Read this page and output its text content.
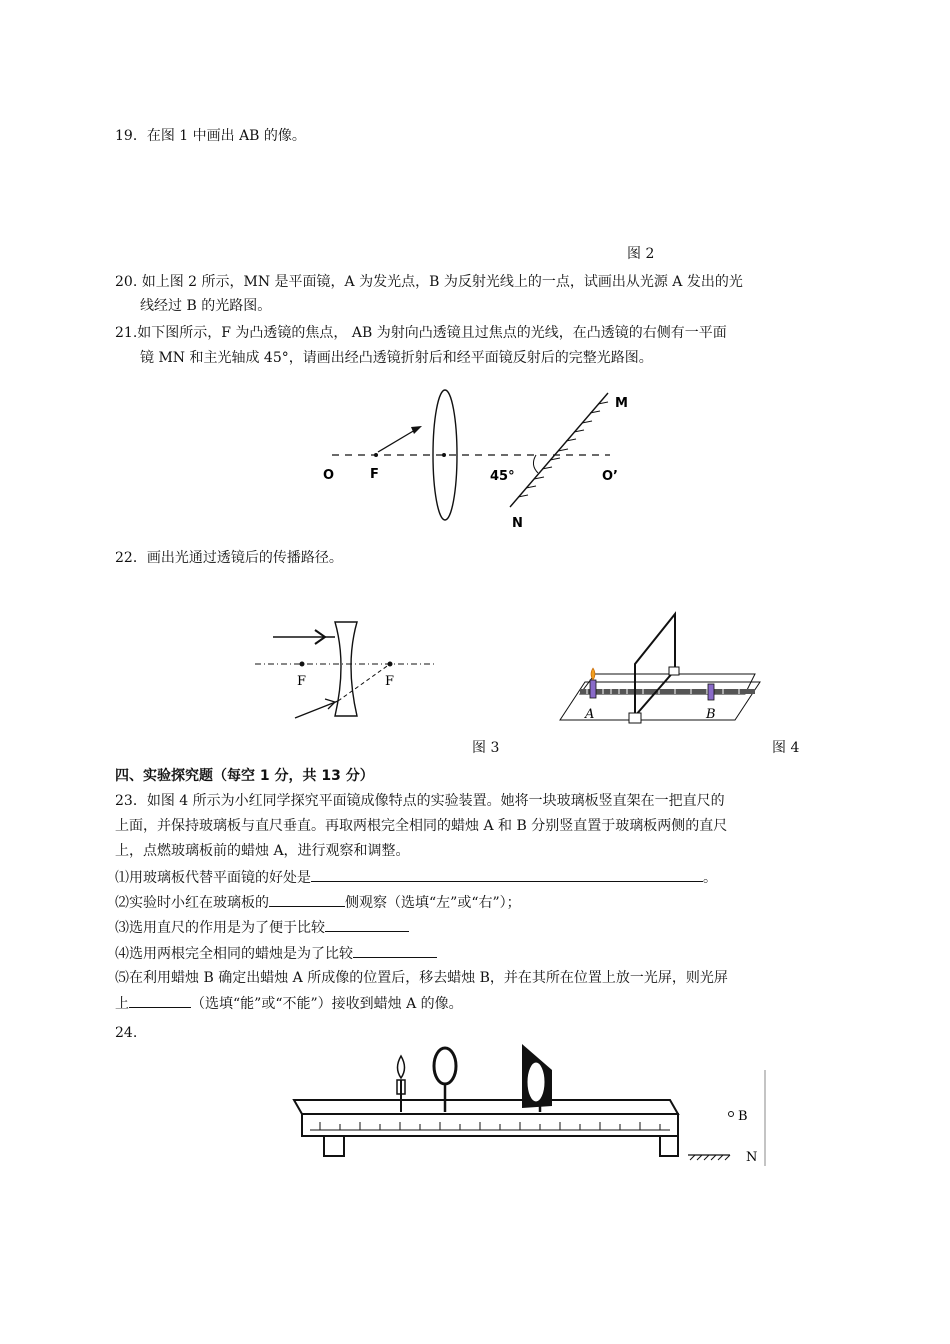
19．在图 1 中画出 AB 的像。
图 2
20. 如上图 2 所示，MN 是平面镜，A 为发光点，B 为反射光线上的一点，试画出从光源 A 发出的光
线经过 B 的光路图。
21.如下图所示，F 为凸透镜的焦点， AB 为射向凸透镜且过焦点的光线，在凸透镜的右侧有一平面
镜 MN 和主光轴成 45°，请画出经凸透镜折射后和经平面镜反射后的完整光路图。
O	F	45°	O’
M
N
22．画出光通过透镜后的传播路径。
F	F
A	B
图 3	图 4
四、实验探究题（每空 1 分，共 13 分）
23．如图 4 所示为小红同学探究平面镜成像特点的实验装置。她将一块玻璃板竖直架在一把直尺的
上面，并保持玻璃板与直尺垂直。再取两根完全相同的蜡烛 A 和 B 分别竖直置于玻璃板两侧的直尺
上，点燃玻璃板前的蜡烛 A，进行观察和调整。
⑴用玻璃板代替平面镜的好处是	。
⑵实验时小红在玻璃板的	侧观察（选填“左”或“右”）；
⑶选用直尺的作用是为了便于比较
⑷选用两根完全相同的蜡烛是为了比较
⑸在利用蜡烛 B 确定出蜡烛 A 所成像的位置后，移去蜡烛 B，并在其所在位置上放一光屏，则光屏
上	（选填“能”或“不能”）接收到蜡烛 A 的像。
24.
B
N
